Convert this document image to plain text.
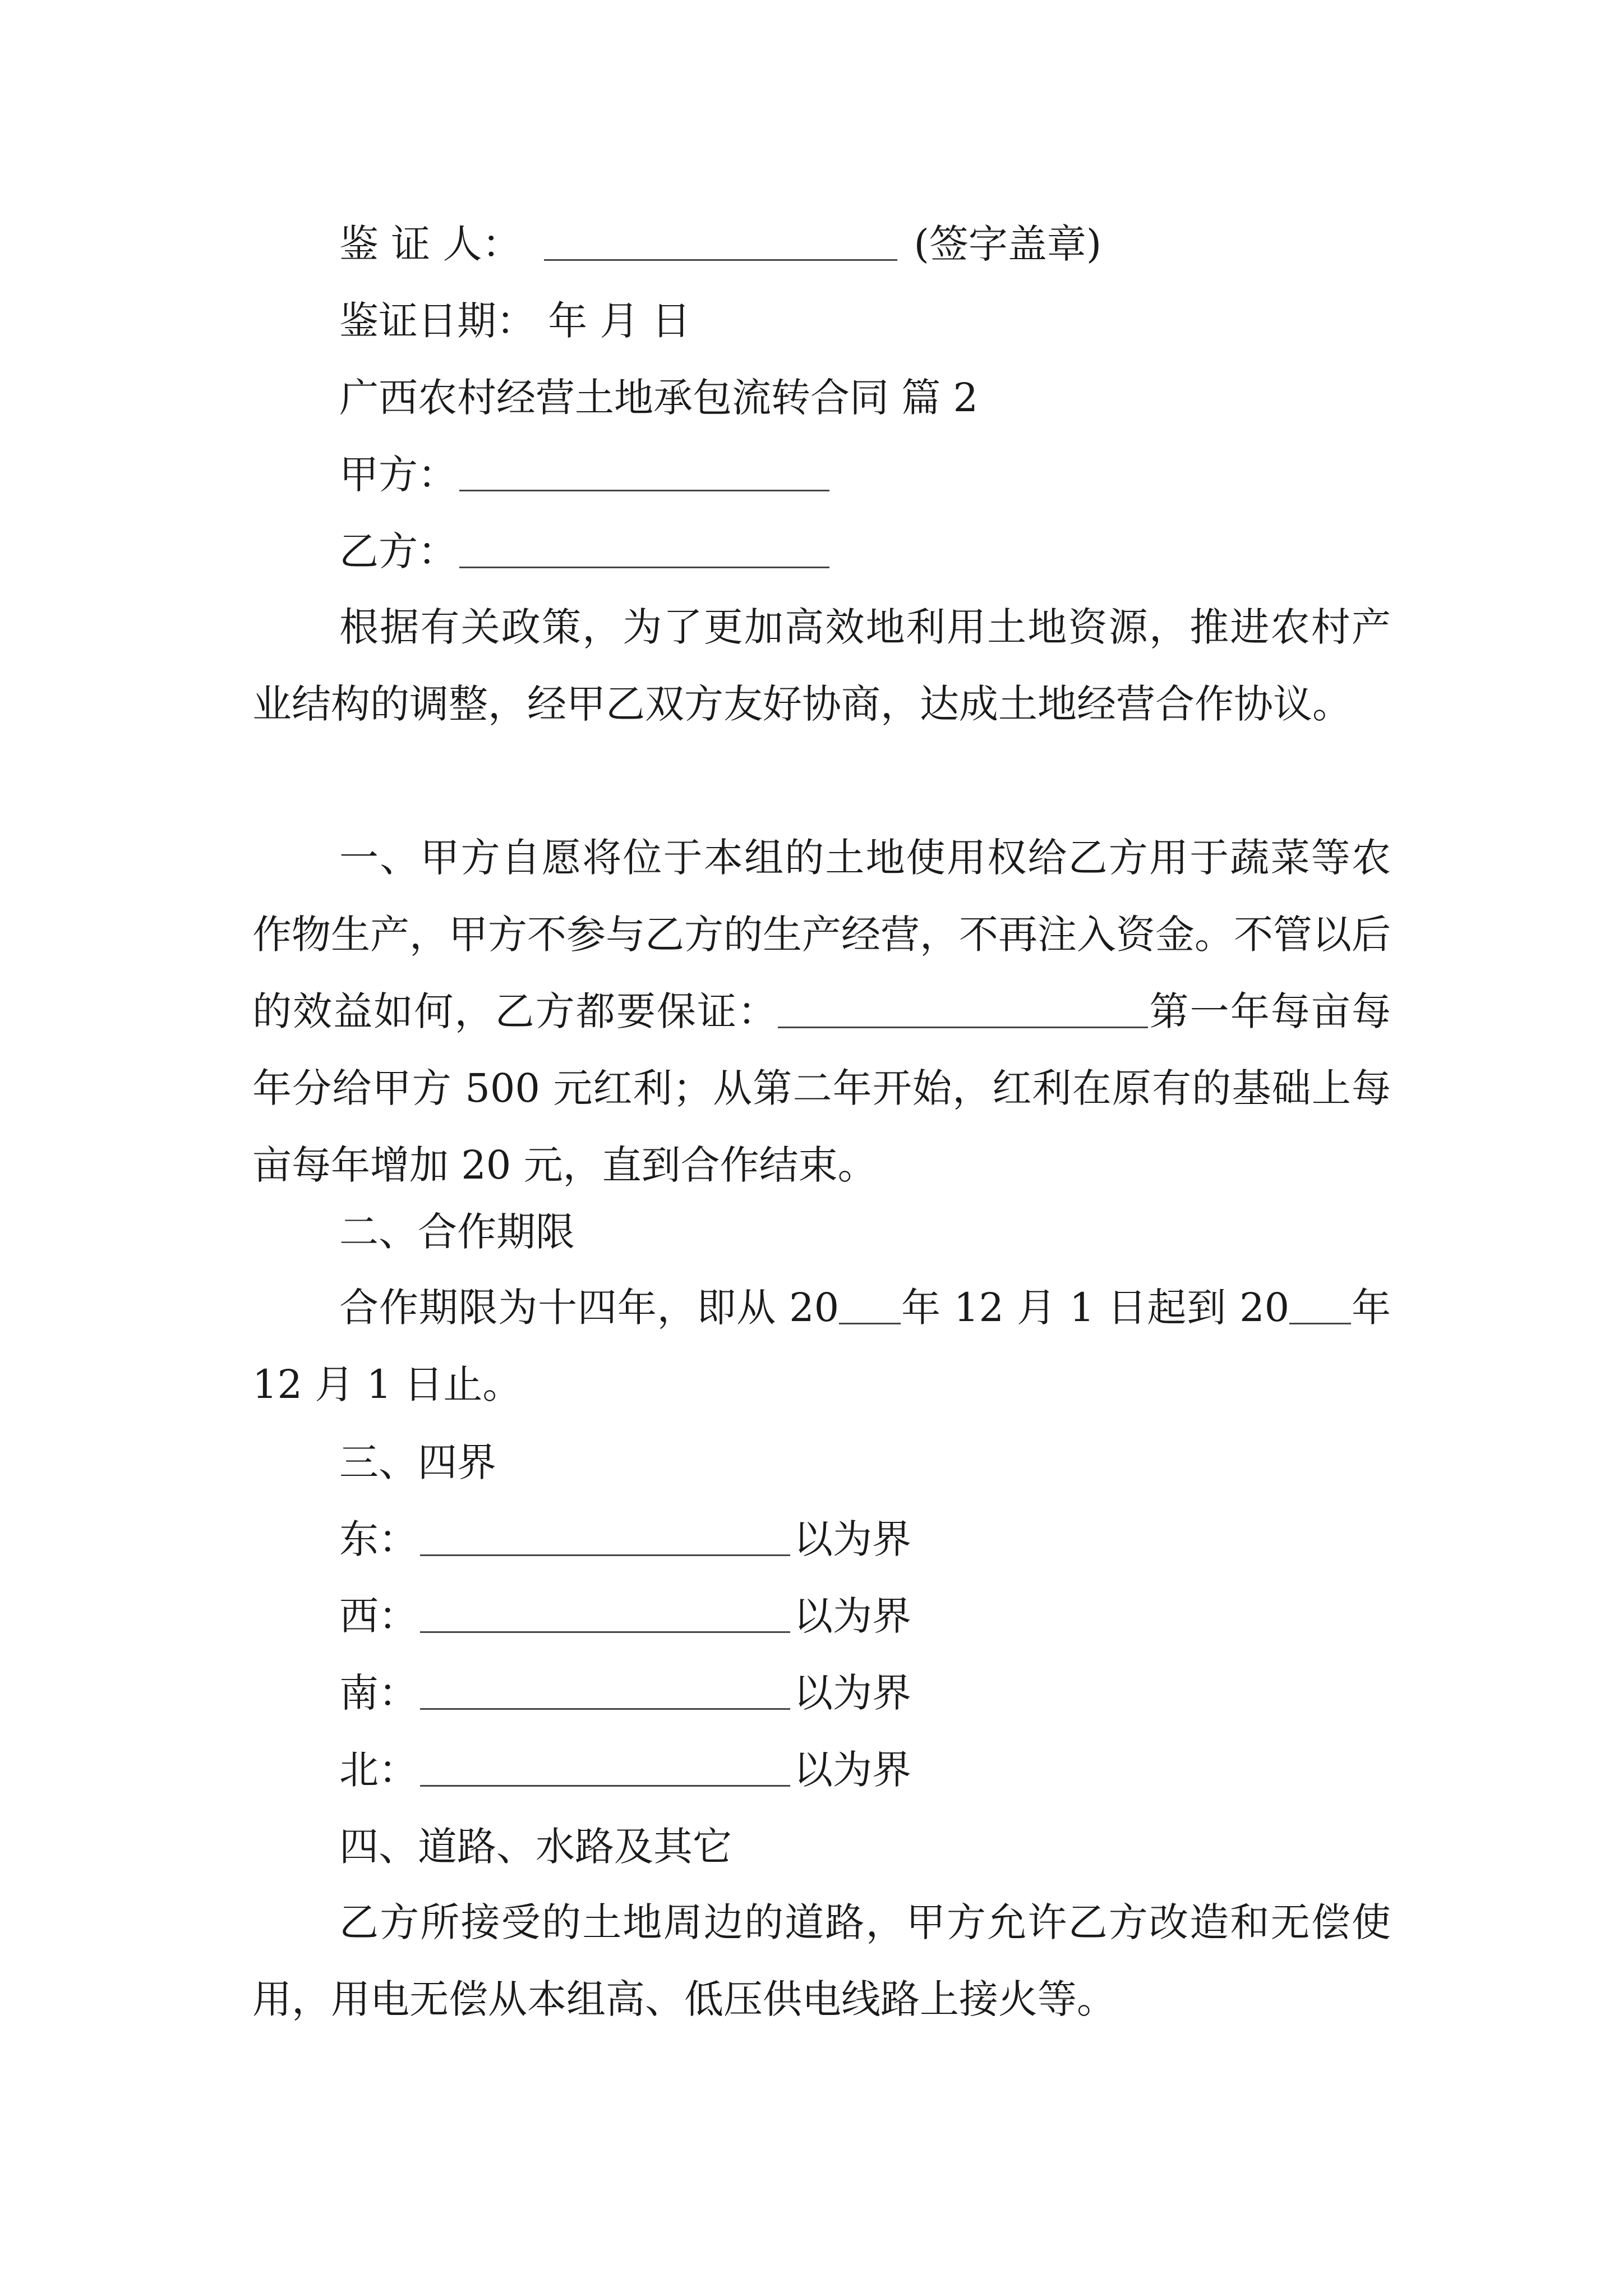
鉴 证 人：	(签字盖章)
鉴证日期： 年 月 日
广西农村经营土地承包流转合同 篇 2
甲方：
乙方：
根据有关政策，为了更加高效地利用土地资源，推进农村产业结构的调整，经甲乙双方友好协商，达成土地经营合作协议。
一、甲方自愿将位于本组的土地使用权给乙方用于蔬菜等农作物生产，甲方不参与乙方的生产经营，不再注入资金。不管以后的效益如何，乙方都要保证：	第一年每亩每年分给甲方 500 元红利；从第二年开始，红利在原有的基础上每亩每年增加 20 元，直到合作结束。
二、合作期限
合作期限为十四年，即从 20 年 12 月 1 日起到 20 年 12 月 1 日止。
三、四界
东：	以为界
西：	以为界
南：	以为界
北：	以为界
四、道路、水路及其它
乙方所接受的土地周边的道路，甲方允许乙方改造和无偿使用，用电无偿从本组高、低压供电线路上接火等。
